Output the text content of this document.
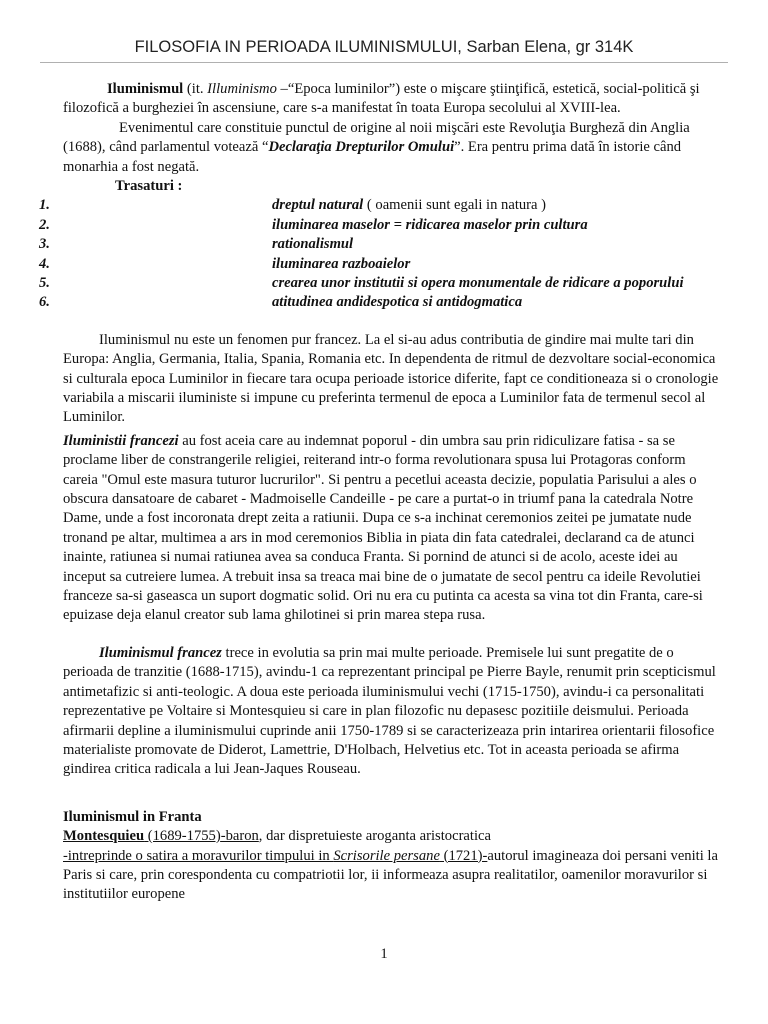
FILOSOFIA IN PERIOADA ILUMINISMULUI, Sarban Elena, gr 314K

Iluminismul (it. Illuminismo –“Epoca luminilor”) este o mişcare ştiinţifică, estetică, social-politică şi filozofică a burgheziei în ascensiune, care s-a manifestat în toata Europa secolului al XVIII-lea.

Evenimentul care constituie punctul de origine al noii mişcări este Revoluţia Burgheză din Anglia (1688), când parlamentul votează “Declaraţia Drepturilor Omului”. Era pentru prima dată în istorie când monarhia a fost negată.

Trasaturi :

1.	dreptul natural ( oamenii sunt egali in natura )
2.	iluminarea maselor = ridicarea maselor prin cultura
3.	rationalismul
4.	iluminarea razboaielor
5.	crearea unor institutii si opera monumentale de ridicare a poporului
6.	atitudinea andidespotica si antidogmatica

Iluminismul nu este un fenomen pur francez. La el si-au adus contributia de gindire mai multe tari din Europa: Anglia, Germania, Italia, Spania, Romania etc. In dependenta de ritmul de dezvoltare social-economica si culturala epoca Luminilor in fiecare tara ocupa perioade istorice diferite, fapt ce conditioneaza si o cronologie variabila a miscarii iluministe si impune cu preferinta termenul de epoca a Luminilor fata de termenul secol al Luminilor.

Iluministii francezi au fost aceia care au indemnat poporul - din umbra sau prin ridiculizare fatisa - sa se proclame liber de constrangerile religiei, reiterand intr-o forma revolutionara spusa lui Protagoras conform careia "Omul este masura tuturor lucrurilor". Si pentru a pecetlui aceasta decizie, populatia Parisului a ales o obscura dansatoare de cabaret - Madmoiselle Candeille - pe care a purtat-o in triumf pana la catedrala Notre Dame, unde a fost incoronata drept zeita a ratiunii. Dupa ce s-a inchinat ceremonios zeitei pe jumatate nude tronand pe altar, multimea a ars in mod ceremonios Biblia in piata din fata catedralei, declarand ca de atunci inainte, ratiunea si numai ratiunea avea sa conduca Franta. Si pornind de atunci si de acolo, aceste idei au inceput sa cutreiere lumea. A trebuit insa sa treaca mai bine de o jumatate de secol pentru ca ideile Revolutiei franceze sa-si gaseasca un suport dogmatic solid. Ori nu era cu putinta ca acesta sa vina tot din Franta, care-si epuizase deja elanul creator sub lama ghilotinei si prin marea stepa rusa.

Iluminismul francez trece in evolutia sa prin mai multe perioade. Premisele lui sunt pregatite de o perioada de tranzitie (1688-1715), avindu-1 ca reprezentant principal pe Pierre Bayle, renumit prin scepticismul antimetafizic si anti-teologic. A doua este perioada iluminismului vechi (1715-1750), avindu-i ca personalitati reprezentative pe Voltaire si Montesquieu si care in plan filozofic nu depasesc pozitiile deismului. Perioada afirmarii depline a iluminismului cuprinde anii 1750-1789 si se caracterizeaza prin intarirea orientarii filosofice materialiste promovate de Diderot, Lamettrie, D'Holbach, Helvetius etc. Tot in aceasta perioada se afirma gindirea critica radicala a lui Jean-Jaques Rouseau.

Iluminismul in Franta

Montesquieu (1689-1755)-baron, dar dispretuieste aroganta aristocratica

-intreprinde o satira a moravurilor timpului in Scrisorile persane (1721)-autorul imagineaza doi persani veniti la Paris si care, prin corespondenta cu compatriotii lor, ii informeaza asupra realitatilor, oamenilor moravurilor si institutiilor europene

1
